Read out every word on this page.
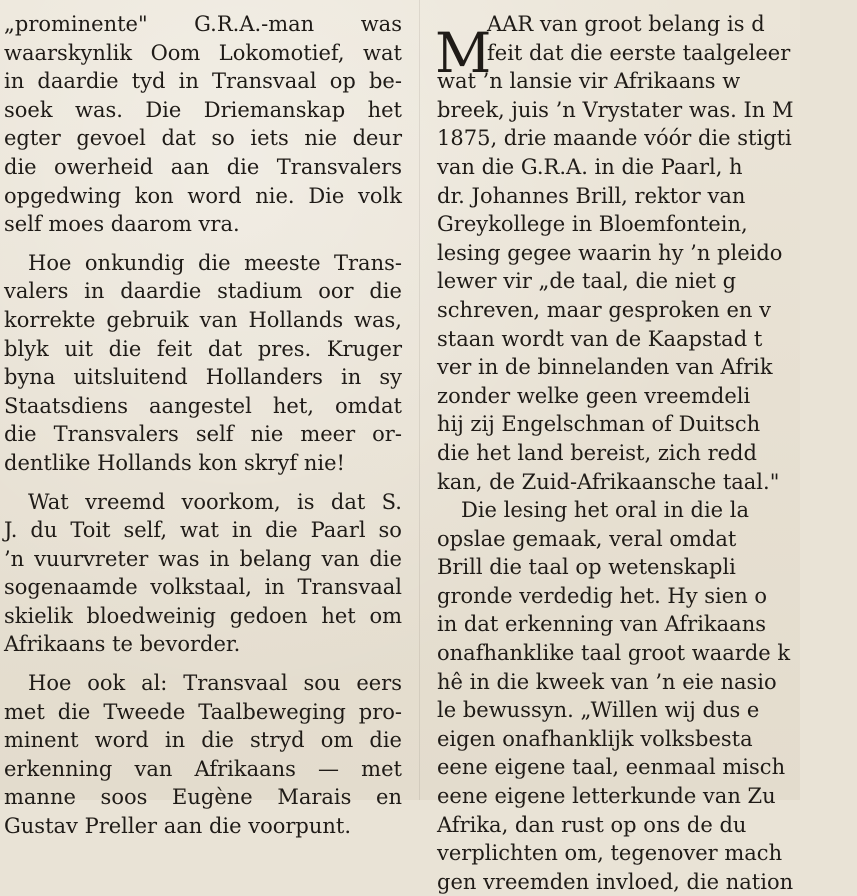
„prominente" G.R.A.-man was
waarskynlik Oom Lokomotief, wat
in daardie tyd in Transvaal op be-
soek was. Die Driemanskap het
egter gevoel dat so iets nie deur
die owerheid aan die Transvalers
opgedwing kon word nie. Die volk
self moes daarom vra.
Hoe onkundig die meeste Trans-
valers in daardie stadium oor die
korrekte gebruik van Hollands was,
blyk uit die feit dat pres. Kruger
byna uitsluitend Hollanders in sy
Staatsdiens aangestel het, omdat
die Transvalers self nie meer or-
dentlike Hollands kon skryf nie!
Wat vreemd voorkom, is dat S.
J. du Toit self, wat in die Paarl so
’n vuurvreter was in belang van die
sogenaamde volkstaal, in Transvaal
skielik bloedweinig gedoen het om
Afrikaans te bevorder.
Hoe ook al: Transvaal sou eers
met die Tweede Taalbeweging pro-
minent word in die stryd om die
erkenning van Afrikaans — met
manne soos Eugène Marais en
Gustav Preller aan die voorpunt.
M
AAR van groot belang is d
feit dat die eerste taalgeleer
wat ’n lansie vir Afrikaans w
breek, juis ’n Vrystater was. In M
1875, drie maande vóór die stigti
van die G.R.A. in die Paarl, h
dr. Johannes Brill, rektor van
Greykollege in Bloemfontein,
lesing gegee waarin hy ’n pleido
lewer vir „de taal, die niet g
schreven, maar gesproken en v
staan wordt van de Kaapstad t
ver in de binnelanden van Afrik
zonder welke geen vreemdeli
hij zij Engelschman of Duitsch
die het land bereist, zich redd
kan, de Zuid-Afrikaansche taal."
Die lesing het oral in die la
opslae gemaak, veral omdat
Brill die taal op wetenskapli
gronde verdedig het. Hy sien o
in dat erkenning van Afrikaans
onafhanklike taal groot waarde k
hê in die kweek van ’n eie nasio
le bewussyn. „Willen wij dus e
eigen onafhanklijk volksbesta
eene eigene taal, eenmaal misch
eene eigene letterkunde van Zu
Afrika, dan rust op ons de du
verplichten om, tegenover mach
gen vreemden invloed, die nation
